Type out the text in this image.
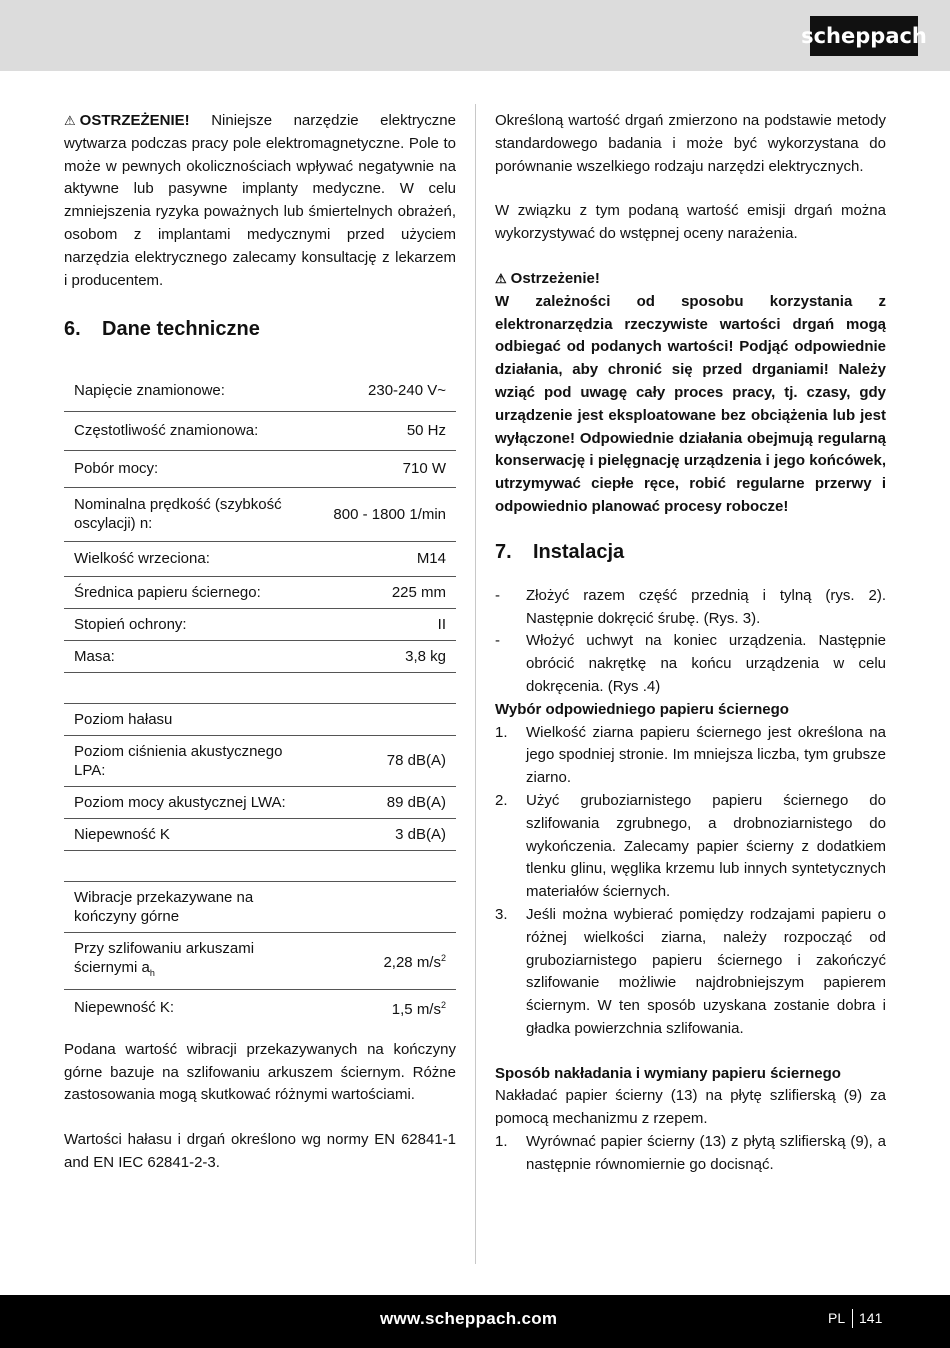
scheppach

⚠ OSTRZEŻENIE! Niniejsze narzędzie elektryczne wytwarza podczas pracy pole elektromagnetyczne. Pole to może w pewnych okolicznościach wpływać negatywnie na aktywne lub pasywne implanty medyczne. W celu zmniejszenia ryzyka poważnych lub śmiertelnych obrażeń, osobom z implantami medycznymi przed użyciem narzędzia elektrycznego zalecamy konsultację z lekarzem i producentem.

6. Dane techniczne
Napięcie znamionowe:	230-240 V~
Częstotliwość znamionowa:	50 Hz
Pobór mocy:	710 W
Nominalna prędkość (szybkość oscylacji) n:	800 - 1800 1/min
Wielkość wrzeciona:	M14
Średnica papieru ściernego:	225 mm
Stopień ochrony:	II
Masa:	3,8 kg

Poziom hałasu	
Poziom ciśnienia akustycznego LPA:	78 dB(A)
Poziom mocy akustycznej LWA:	89 dB(A)
Niepewność K	3 dB(A)

Wibracje przekazywane na kończyny górne	
Przy szlifowaniu arkuszami ściernymi $a_h$	2,28 $m/s^2$
Niepewność K:	1,5 $m/s^2$

Podana wartość wibracji przekazywanych na kończyny górne bazuje na szlifowaniu arkuszem ściernym. Różne zastosowania mogą skutkować różnymi wartościami.

Wartości hałasu i drgań określono wg normy EN 62841-1 and EN IEC 62841-2-3.

Określoną wartość drgań zmierzono na podstawie metody standardowego badania i może być wykorzystana do porównanie wszelkiego rodzaju narzędzi elektrycznych.

W związku z tym podaną wartość emisji drgań można wykorzystywać do wstępnej oceny narażenia.

⚠ Ostrzeżenie!

W zależności od sposobu korzystania z elektronarzędzia rzeczywiste wartości drgań mogą odbiegać od podanych wartości! Podjąć odpowiednie działania, aby chronić się przed drganiami! Należy wziąć pod uwagę cały proces pracy, tj. czasy, gdy urządzenie jest eksploatowane bez obciążenia lub jest wyłączone! Odpowiednie działania obejmują regularną konserwację i pielęgnację urządzenia i jego końcówek, utrzymywać ciepłe ręce, robić regularne przerwy i odpowiednio planować procesy robocze!

7. Instalacja
- Złożyć razem część przednią i tylną (rys. 2). Następnie dokręcić śrubę. (Rys. 3).
- Włożyć uchwyt na koniec urządzenia. Następnie obrócić nakrętkę na końcu urządzenia w celu dokręcenia. (Rys .4)

Wybór odpowiedniego papieru ściernego

1. Wielkość ziarna papieru ściernego jest określona na jego spodniej stronie. Im mniejsza liczba, tym grubsze ziarno.
2. Użyć gruboziarnistego papieru ściernego do szlifowania zgrubnego, a drobnoziarnistego do wykończenia. Zalecamy papier ścierny z dodatkiem tlenku glinu, węglika krzemu lub innych syntetycznych materiałów ściernych.
3. Jeśli można wybierać pomiędzy rodzajami papieru o różnej wielkości ziarna, należy rozpocząć od gruboziarnistego papieru ściernego i zakończyć szlifowanie możliwie najdrobniejszym papierem ściernym. W ten sposób uzyskana zostanie dobra i gładka powierzchnia szlifowania.

Sposób nakładania i wymiany papieru ściernego

Nakładać papier ścierny (13) na płytę szlifierską (9) za pomocą mechanizmu z rzepem.

1. Wyrównać papier ścierny (13) z płytą szlifierską (9), a następnie równomiernie go docisnąć.
www.scheppach.com	PL 141
